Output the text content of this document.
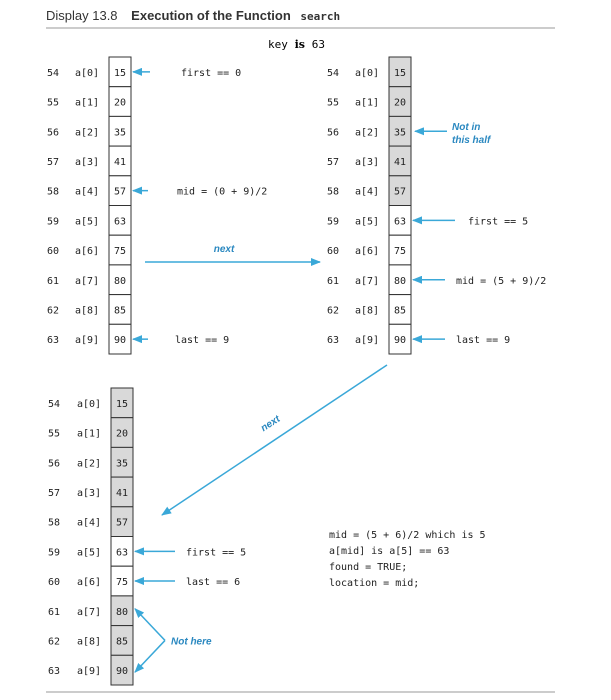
Display 13.8 Execution of the Function search
key is 63
15
54 a[0]
20
55 a[1]
35
56 a[2]
41
57 a[3]
57
58 a[4]
63
59 a[5]
75
60 a[6]
80
61 a[7]
85
62 a[8]
90
63 a[9]
first == 0
mid = (0 + 9)/2
last == 9
15
54 a[0]
20
55 a[1]
35
56 a[2]
41
57 a[3]
57
58 a[4]
63
59 a[5]
75
60 a[6]
80
61 a[7]
85
62 a[8]
90
63 a[9]
first == 5
mid = (5 + 9)/2
last == 9
Not in
this half
15
54 a[0]
20
55 a[1]
35
56 a[2]
41
57 a[3]
57
58 a[4]
63
59 a[5]
75
60 a[6]
80
61 a[7]
85
62 a[8]
90
63 a[9]
first == 5
last == 6
Not here
next
next
mid = (5 + 6)/2 which is 5
a[mid] is a[5] == 63
found = TRUE;
location = mid;
